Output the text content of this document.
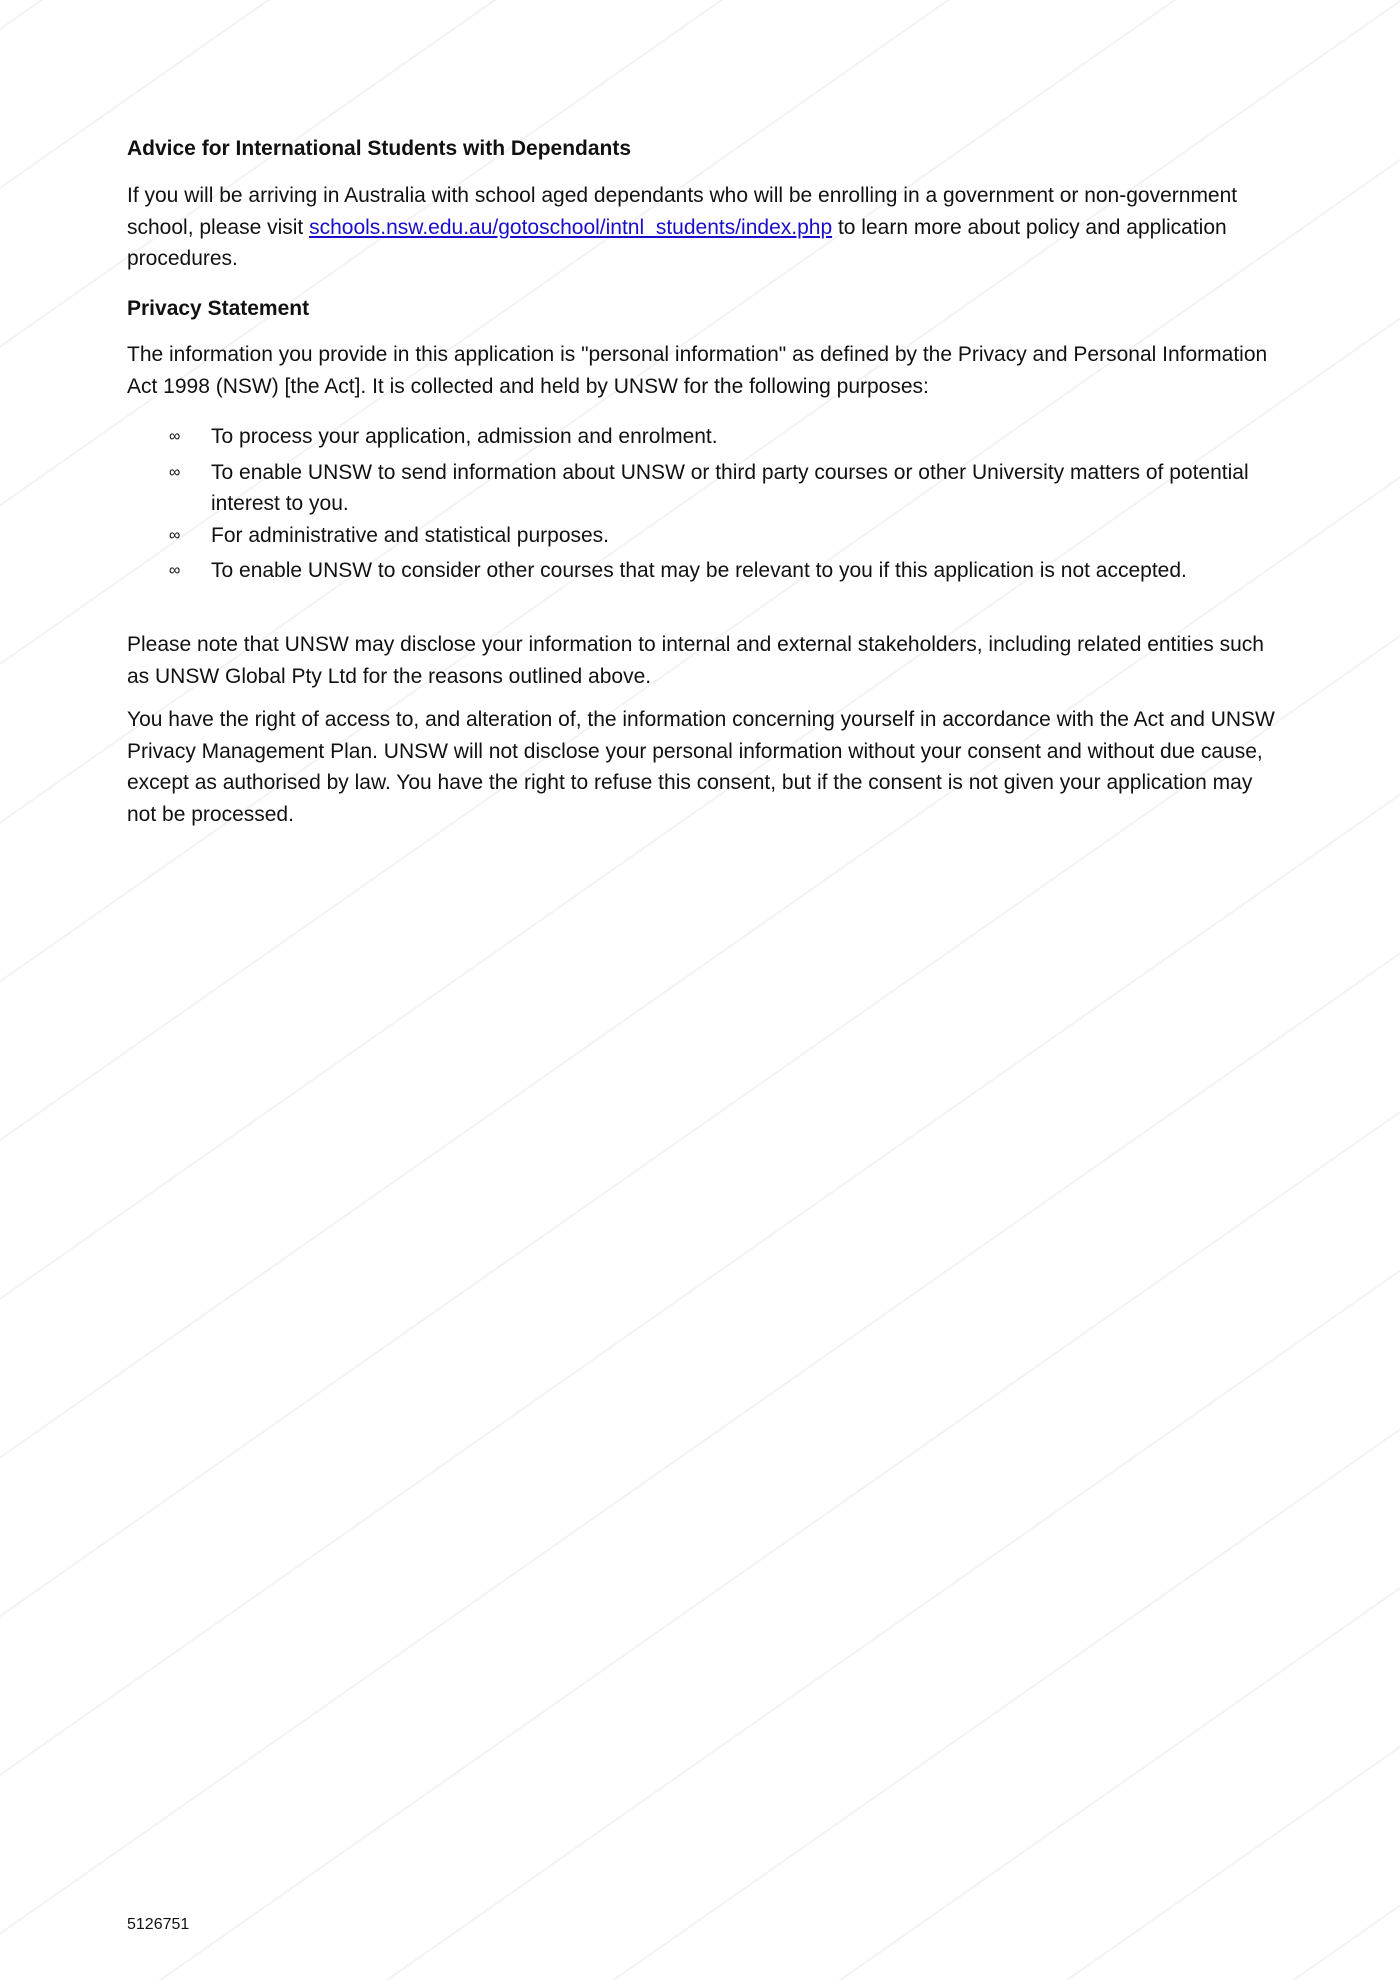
Advice for International Students with Dependants
If you will be arriving in Australia with school aged dependants who will be enrolling in a government or non-government school, please visit schools.nsw.edu.au/gotoschool/intnl_students/index.php to learn more about policy and application procedures.
Privacy Statement

The information you provide in this application is "personal information" as defined by the Privacy and Personal Information Act 1998 (NSW) [the Act]. It is collected and held by UNSW for the following purposes:

∞ To process your application, admission and enrolment.
∞ To enable UNSW to send information about UNSW or third party courses or other University matters of potential interest to you.
∞ For administrative and statistical purposes.
∞ To enable UNSW to consider other courses that may be relevant to you if this application is not accepted.

Please note that UNSW may disclose your information to internal and external stakeholders, including related entities such as UNSW Global Pty Ltd for the reasons outlined above.

You have the right of access to, and alteration of, the information concerning yourself in accordance with the Act and UNSW Privacy Management Plan. UNSW will not disclose your personal information without your consent and without due cause, except as authorised by law. You have the right to refuse this consent, but if the consent is not given your application may not be processed.

5126751
